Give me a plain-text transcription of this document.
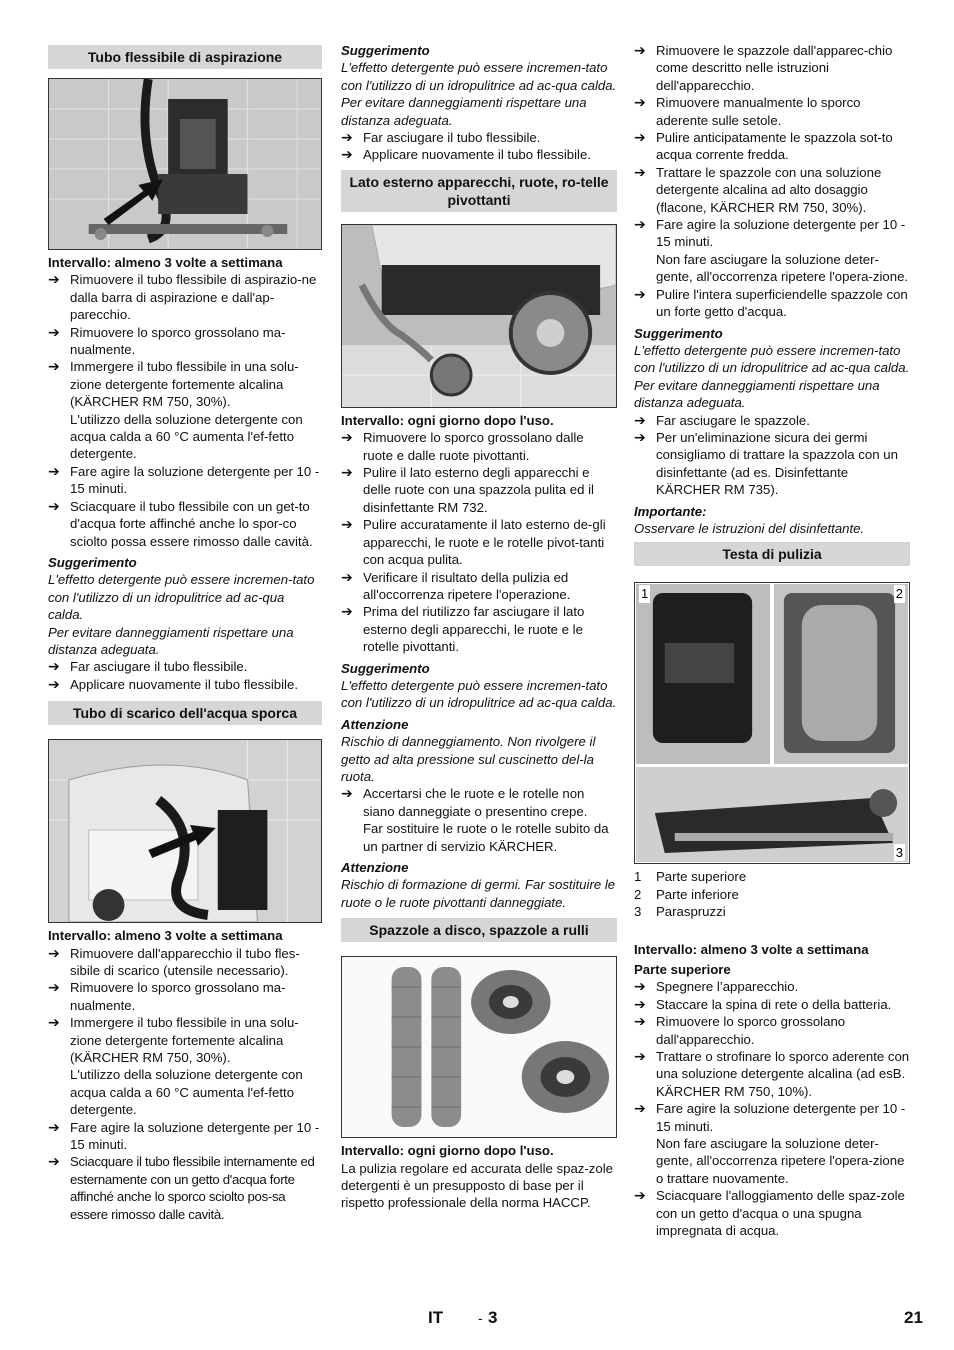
Tubo flessibile di aspirazione
Intervallo: almeno 3 volte a settimana
➔ Rimuovere il tubo flessibile di aspirazio-ne dalla barra di aspirazione e dall'ap-parecchio.
➔ Rimuovere lo sporco grossolano ma-nualmente.
➔ Immergere il tubo flessibile in una solu-zione detergente fortemente alcalina (KÄRCHER RM 750, 30%).
L'utilizzo della soluzione detergente con acqua calda a 60 °C aumenta l'ef-fetto detergente.
➔ Fare agire la soluzione detergente per 10 - 15 minuti.
➔ Sciacquare il tubo flessibile con un get-to d'acqua forte affinché anche lo spor-co sciolto possa essere rimosso dalle cavità.
Suggerimento
L'effetto detergente può essere incremen-tato con l'utilizzo di un idropulitrice ad ac-qua calda.
Per evitare danneggiamenti rispettare una distanza adeguata.
➔ Far asciugare il tubo flessibile.
➔ Applicare nuovamente il tubo flessibile.
Tubo di scarico dell'acqua sporca
Intervallo: almeno 3 volte a settimana
➔ Rimuovere dall'apparecchio il tubo fles-sibile di scarico (utensile necessario).
➔ Rimuovere lo sporco grossolano ma-nualmente.
➔ Immergere il tubo flessibile in una solu-zione detergente fortemente alcalina (KÄRCHER RM 750, 30%).
L'utilizzo della soluzione detergente con acqua calda a 60 °C aumenta l'ef-fetto detergente.
➔ Fare agire la soluzione detergente per 10 - 15 minuti.
➔ Sciacquare il tubo flessibile internamente ed esternamente con un getto d'acqua forte affinché anche lo sporco sciolto pos-sa essere rimosso dalle cavità.
Suggerimento
L'effetto detergente può essere incremen-tato con l'utilizzo di un idropulitrice ad ac-qua calda.
Per evitare danneggiamenti rispettare una distanza adeguata.
➔ Far asciugare il tubo flessibile.
➔ Applicare nuovamente il tubo flessibile.
Lato esterno apparecchi, ruote, ro-telle pivottanti
Intervallo: ogni giorno dopo l'uso.
➔ Rimuovere lo sporco grossolano dalle ruote e dalle ruote pivottanti.
➔ Pulire il lato esterno degli apparecchi e delle ruote con una spazzola pulita ed il disinfettante RM 732.
➔ Pulire accuratamente il lato esterno de-gli apparecchi, le ruote e le rotelle pivot-tanti con acqua pulita.
➔ Verificare il risultato della pulizia ed all'occorrenza ripetere l'operazione.
➔ Prima del riutilizzo far asciugare il lato esterno degli apparecchi, le ruote e le rotelle pivottanti.
Suggerimento
L'effetto detergente può essere incremen-tato con l'utilizzo di un idropulitrice ad ac-qua calda.
Attenzione
Rischio di danneggiamento. Non rivolgere il getto ad alta pressione sul cuscinetto del-la ruota.
➔ Accertarsi che le ruote e le rotelle non siano danneggiate o presentino crepe.
Far sostituire le ruote o le rotelle subito da un partner di servizio KÄRCHER.
Attenzione
Rischio di formazione di germi. Far sostituire le ruote o le ruote pivottanti danneggiate.
Spazzole a disco, spazzole a rulli
Intervallo: ogni giorno dopo l'uso.
La pulizia regolare ed accurata delle spaz-zole detergenti è un presupposto di base per il rispetto professionale della norma HACCP.
➔ Rimuovere le spazzole dall'apparec-chio come descritto nelle istruzioni dell'apparecchio.
➔ Rimuovere manualmente lo sporco aderente sulle setole.
➔ Pulire anticipatamente le spazzola sot-to acqua corrente fredda.
➔ Trattare le spazzole con una soluzione detergente alcalina ad alto dosaggio (flacone, KÄRCHER RM 750, 30%).
➔ Fare agire la soluzione detergente per 10 - 15 minuti.
Non fare asciugare la soluzione deter-gente, all'occorrenza ripetere l'opera-zione.
➔ Pulire l'intera superficiendelle spazzole con un forte getto d'acqua.
Suggerimento
L'effetto detergente può essere incremen-tato con l'utilizzo di un idropulitrice ad ac-qua calda.
Per evitare danneggiamenti rispettare una distanza adeguata.
➔ Far asciugare le spazzole.
➔ Per un'eliminazione sicura dei germi consigliamo di trattare la spazzola con un disinfettante (ad es. Disinfettante KÄRCHER RM 735).
Importante:
Osservare le istruzioni del disinfettante.
Testa di pulizia
1	2
3
1	Parte superiore
2	Parte inferiore
3	Paraspruzzi
Intervallo: almeno 3 volte a settimana
Parte superiore
➔ Spegnere l’apparecchio.
➔ Staccare la spina di rete o della batteria.
➔ Rimuovere lo sporco grossolano dall'apparecchio.
➔ Trattare o strofinare lo sporco aderente con una soluzione detergente alcalina (ad esB. KÄRCHER RM 750, 10%).
➔ Fare agire la soluzione detergente per 10 - 15 minuti.
Non fare asciugare la soluzione deter-gente, all'occorrenza ripetere l'opera-zione o trattare nuovamente.
➔ Sciacquare l'alloggiamento delle spaz-zole con un getto d'acqua o una spugna impregnata di acqua.
IT - 3	21
